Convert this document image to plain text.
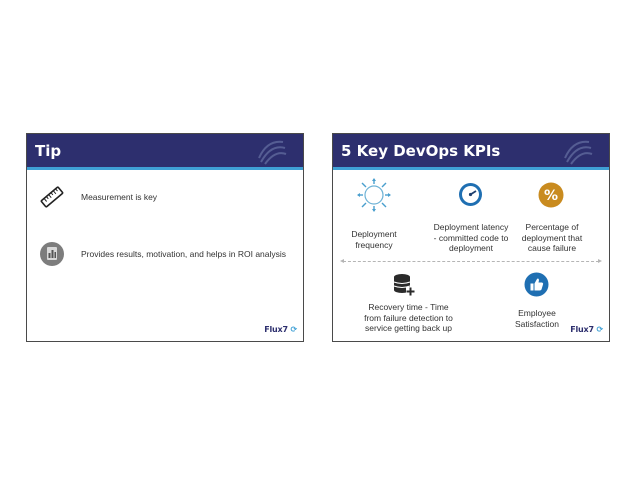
Tip
Measurement is key
Provides results, motivation, and helps in ROI analysis
Flux7 ⟳
5 Key DevOps KPIs
Deployment
frequency
Deployment latency
- committed code to
deployment
%
Percentage of
deployment that
cause failure
Recovery time - Time
from failure detection to
service getting back up
Employee
Satisfaction
Flux7 ⟳
